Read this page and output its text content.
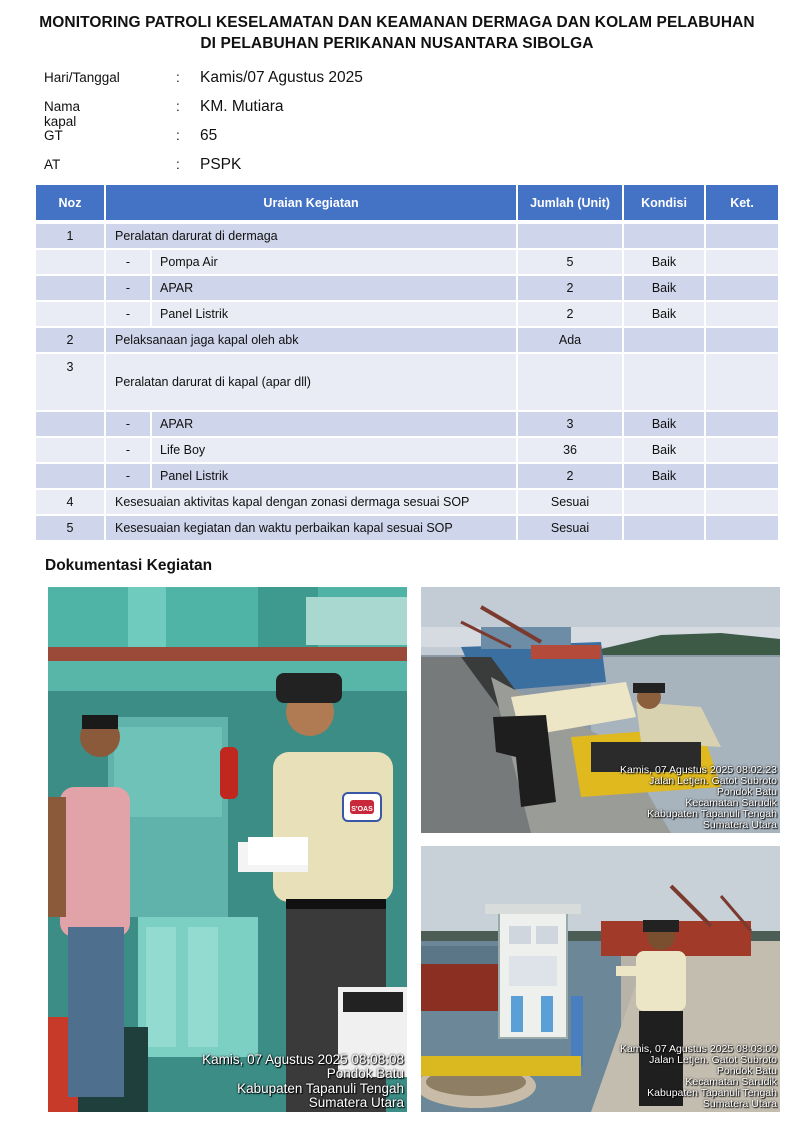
MONITORING PATROLI KESELAMATAN DAN KEAMANAN DERMAGA DAN KOLAM PELABUHAN
DI PELABUHAN PERIKANAN NUSANTARA SIBOLGA
Hari/Tanggal	: Kamis/07 Agustus 2025
Nama kapal
: KM. Mutiara
GT	: 65
AT	: PSPK
Noz	Uraian Kegiatan		Jumlah (Unit)	Kondisi	Ket.

1	Peralatan darurat di dermaga				
	-	Pompa Air	5	Baik	
	-	APAR	2	Baik	
	-	Panel Listrik	2	Baik	
2	Pelaksanaan jaga kapal oleh abk		Ada		
3	Peralatan darurat di kapal (apar dll)				
	-	APAR	3	Baik	
	-	Life Boy	36	Baik	
	-	Panel Listrik	2	Baik	
4	Kesesuaian aktivitas kapal dengan zonasi dermaga sesuai SOP		Sesuai		
5	Kesesuaian kegiatan dan waktu perbaikan kapal sesuai SOP		Sesuai		
Dokumentasi Kegiatan
S'OAS
Kamis, 07 Agustus 2025 08:08:08
Pondok Batu
Kabupaten Tapanuli Tengah
Sumatera Utara
Kamis, 07 Agustus 2025 08:02:23
Jalan Letjen. Gatot Subroto
Pondok Batu
Kecamatan Sarudik
Kabupaten Tapanuli Tengah
Sumatera Utara
Kamis, 07 Agustus 2025 08:03:00
Jalan Letjen. Gatot Subroto
Pondok Batu
Kecamatan Sarudik
Kabupaten Tapanuli Tengah
Sumatera Utara
